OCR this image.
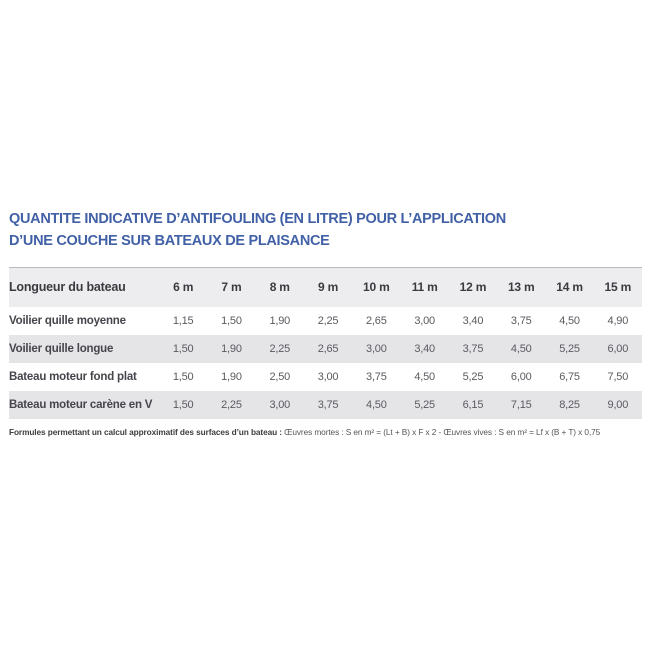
QUANTITE INDICATIVE D’ANTIFOULING (EN LITRE) POUR L’APPLICATION
D’UNE COUCHE SUR BATEAUX DE PLAISANCE
Longueur du bateau	6 m	7 m	8 m	9 m	10 m	11 m	12 m	13 m	14 m	15 m
Voilier quille moyenne	1,15	1,50	1,90	2,25	2,65	3,00	3,40	3,75	4,50	4,90
Voilier quille longue	1,50	1,90	2,25	2,65	3,00	3,40	3,75	4,50	5,25	6,00
Bateau moteur fond plat	1,50	1,90	2,50	3,00	3,75	4,50	5,25	6,00	6,75	7,50
Bateau moteur carène en V	1,50	2,25	3,00	3,75	4,50	5,25	6,15	7,15	8,25	9,00
Formules permettant un calcul approximatif des surfaces d’un bateau : Œuvres mortes : S en m² = (Lt + B) x F x 2 - Œuvres vives : S en m² = Lf x (B + T) x 0,75
